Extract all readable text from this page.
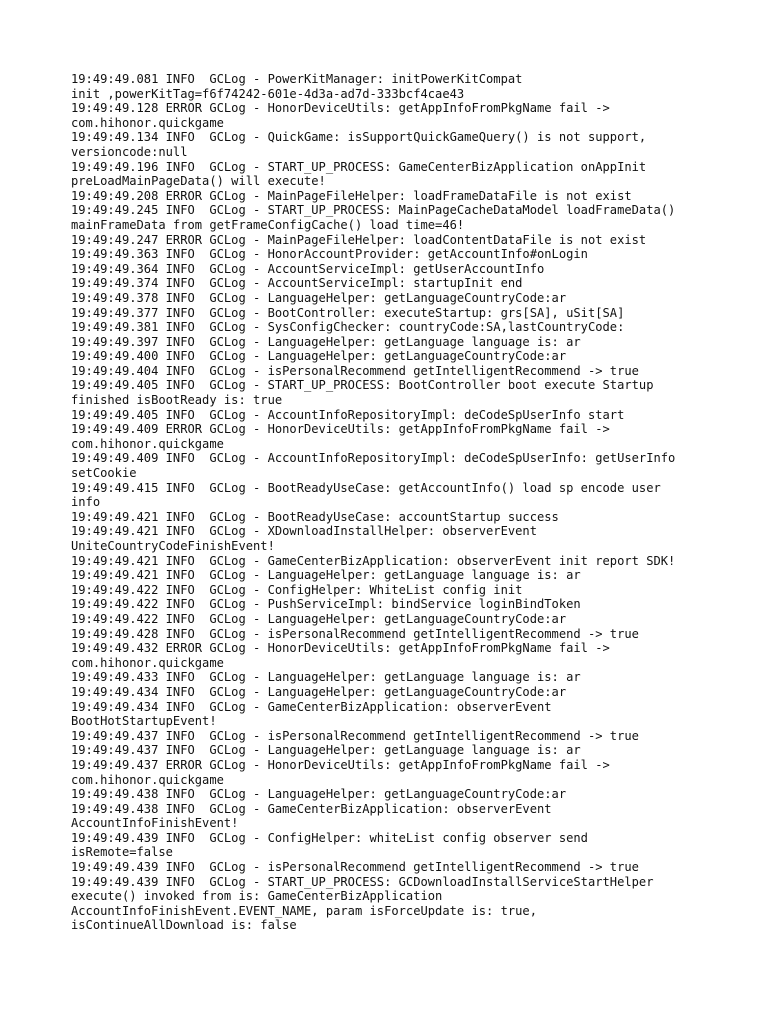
19:49:49.081 INFO  GCLog - PowerKitManager: initPowerKitCompat
init ,powerKitTag=f6f74242-601e-4d3a-ad7d-333bcf4cae43
19:49:49.128 ERROR GCLog - HonorDeviceUtils: getAppInfoFromPkgName fail ->
com.hihonor.quickgame
19:49:49.134 INFO  GCLog - QuickGame: isSupportQuickGameQuery() is not support,
versioncode:null
19:49:49.196 INFO  GCLog - START_UP_PROCESS: GameCenterBizApplication onAppInit
preLoadMainPageData() will execute!
19:49:49.208 ERROR GCLog - MainPageFileHelper: loadFrameDataFile is not exist
19:49:49.245 INFO  GCLog - START_UP_PROCESS: MainPageCacheDataModel loadFrameData()
mainFrameData from getFrameConfigCache() load time=46!
19:49:49.247 ERROR GCLog - MainPageFileHelper: loadContentDataFile is not exist
19:49:49.363 INFO  GCLog - HonorAccountProvider: getAccountInfo#onLogin
19:49:49.364 INFO  GCLog - AccountServiceImpl: getUserAccountInfo
19:49:49.374 INFO  GCLog - AccountServiceImpl: startupInit end
19:49:49.378 INFO  GCLog - LanguageHelper: getLanguageCountryCode:ar
19:49:49.377 INFO  GCLog - BootController: executeStartup: grs[SA], uSit[SA]
19:49:49.381 INFO  GCLog - SysConfigChecker: countryCode:SA,lastCountryCode:
19:49:49.397 INFO  GCLog - LanguageHelper: getLanguage language is: ar
19:49:49.400 INFO  GCLog - LanguageHelper: getLanguageCountryCode:ar
19:49:49.404 INFO  GCLog - isPersonalRecommend getIntelligentRecommend -> true
19:49:49.405 INFO  GCLog - START_UP_PROCESS: BootController boot execute Startup
finished isBootReady is: true
19:49:49.405 INFO  GCLog - AccountInfoRepositoryImpl: deCodeSpUserInfo start
19:49:49.409 ERROR GCLog - HonorDeviceUtils: getAppInfoFromPkgName fail ->
com.hihonor.quickgame
19:49:49.409 INFO  GCLog - AccountInfoRepositoryImpl: deCodeSpUserInfo: getUserInfo
setCookie
19:49:49.415 INFO  GCLog - BootReadyUseCase: getAccountInfo() load sp encode user
info
19:49:49.421 INFO  GCLog - BootReadyUseCase: accountStartup success
19:49:49.421 INFO  GCLog - XDownloadInstallHelper: observerEvent
UniteCountryCodeFinishEvent!
19:49:49.421 INFO  GCLog - GameCenterBizApplication: observerEvent init report SDK!
19:49:49.421 INFO  GCLog - LanguageHelper: getLanguage language is: ar
19:49:49.422 INFO  GCLog - ConfigHelper: WhiteList config init
19:49:49.422 INFO  GCLog - PushServiceImpl: bindService loginBindToken
19:49:49.422 INFO  GCLog - LanguageHelper: getLanguageCountryCode:ar
19:49:49.428 INFO  GCLog - isPersonalRecommend getIntelligentRecommend -> true
19:49:49.432 ERROR GCLog - HonorDeviceUtils: getAppInfoFromPkgName fail ->
com.hihonor.quickgame
19:49:49.433 INFO  GCLog - LanguageHelper: getLanguage language is: ar
19:49:49.434 INFO  GCLog - LanguageHelper: getLanguageCountryCode:ar
19:49:49.434 INFO  GCLog - GameCenterBizApplication: observerEvent
BootHotStartupEvent!
19:49:49.437 INFO  GCLog - isPersonalRecommend getIntelligentRecommend -> true
19:49:49.437 INFO  GCLog - LanguageHelper: getLanguage language is: ar
19:49:49.437 ERROR GCLog - HonorDeviceUtils: getAppInfoFromPkgName fail ->
com.hihonor.quickgame
19:49:49.438 INFO  GCLog - LanguageHelper: getLanguageCountryCode:ar
19:49:49.438 INFO  GCLog - GameCenterBizApplication: observerEvent
AccountInfoFinishEvent!
19:49:49.439 INFO  GCLog - ConfigHelper: whiteList config observer send
isRemote=false
19:49:49.439 INFO  GCLog - isPersonalRecommend getIntelligentRecommend -> true
19:49:49.439 INFO  GCLog - START_UP_PROCESS: GCDownloadInstallServiceStartHelper
execute() invoked from is: GameCenterBizApplication
AccountInfoFinishEvent.EVENT_NAME, param isForceUpdate is: true,
isContinueAllDownload is: false
